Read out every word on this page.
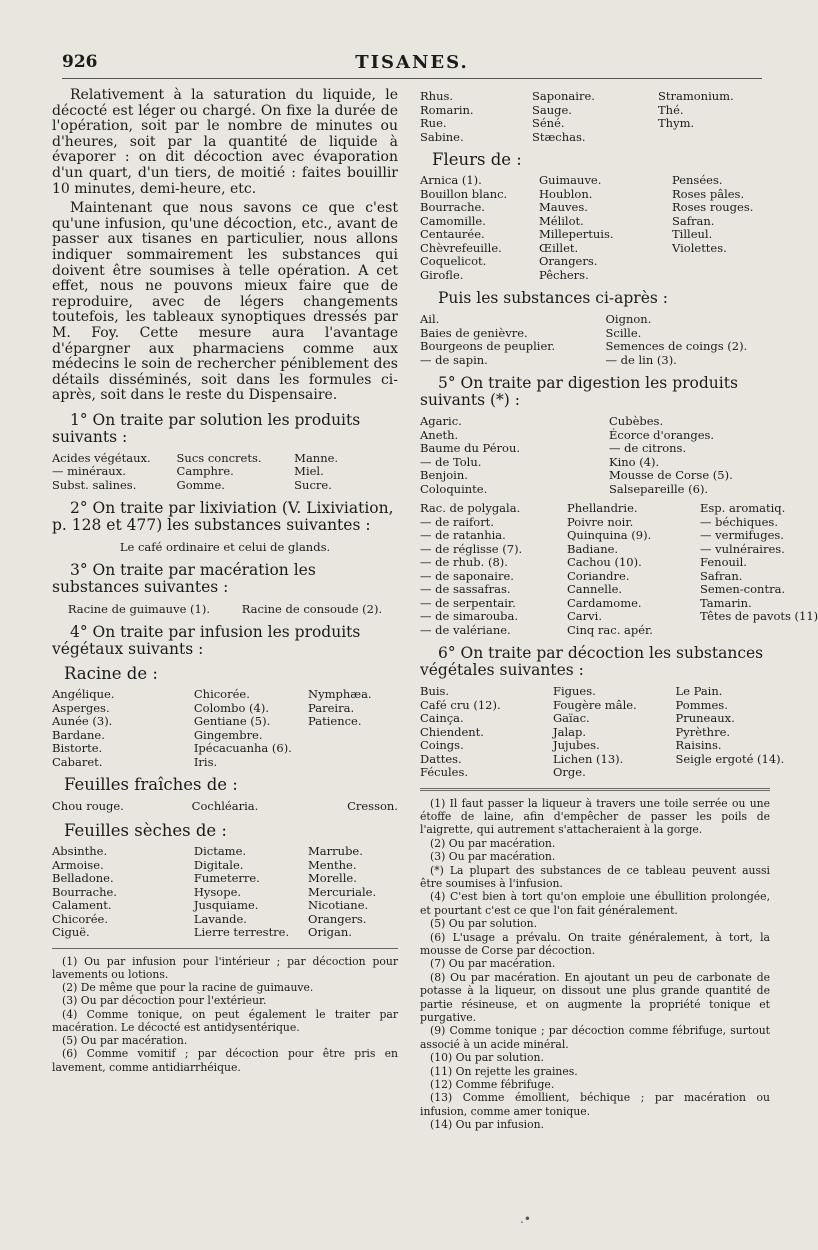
926	TISANES.

Relativement à la saturation du liquide, le décocté est léger ou chargé. On fixe la durée de l'opération, soit par le nombre de minutes ou d'heures, soit par la quantité de liquide à évaporer : on dit décoction avec évaporation d'un quart, d'un tiers, de moitié : faites bouillir 10 minutes, demi-heure, etc.

Maintenant que nous savons ce que c'est qu'une infusion, qu'une décoction, etc., avant de passer aux tisanes en particulier, nous allons indiquer sommairement les substances qui doivent être soumises à telle opération. A cet effet, nous ne pouvons mieux faire que de reproduire, avec de légers changements toutefois, les tableaux synoptiques dressés par M. Foy. Cette mesure aura l'avantage d'épargner aux pharmaciens comme aux médecins le soin de rechercher péniblement des détails disséminés, soit dans les formules ci-après, soit dans le reste du Dispensaire.

1° On traite par solution les produits suivants :
Acides végétaux.	Sucs concrets.	Manne.
— minéraux.	Camphre.	Miel.
Subst. salines.	Gomme.	Sucre.
2° On traite par lixiviation (V. Lixiviation, p. 128 et 477) les substances suivantes :
Le café ordinaire et celui de glands.
3° On traite par macération les substances suivantes :
Racine de guimauve (1).	Racine de consoude (2).
4° On traite par infusion les produits végétaux suivants :
Racine de :
Angélique.	Chicorée.	Nymphæa.
Asperges.	Colombo (4).	Pareira.
Aunée (3).	Gentiane (5).	Patience.
Bardane.	Gingembre.
Bistorte.	Ipécacuanha (6).
Cabaret.	Iris.
Feuilles fraîches de :
Chou rouge.	Cochléaria.	Cresson.
Feuilles sèches de :
Absinthe.	Dictame.	Marrube.
Armoise.	Digitale.	Menthe.
Belladone.	Fumeterre.	Morelle.
Bourrache.	Hysope.	Mercuriale.
Calament.	Jusquiame.	Nicotiane.
Chicorée.	Lavande.	Orangers.
Ciguë.	Lierre terrestre.	Origan.

(1) Ou par infusion pour l'intérieur ; par décoction pour lavements ou lotions.

(2) De même que pour la racine de guimauve.

(3) Ou par décoction pour l'extérieur.

(4) Comme tonique, on peut également le traiter par macération. Le décocté est antidysentérique.

(5) Ou par macération.

(6) Comme vomitif ; par décoction pour être pris en lavement, comme antidiarrhéique.

Rhus.	Saponaire.	Stramonium.
Romarin.	Sauge.	Thé.
Rue.	Séné.	Thym.
Sabine.	Stæchas.
Fleurs de :
Arnica (1).	Guimauve.	Pensées.
Bouillon blanc.	Houblon.	Roses pâles.
Bourrache.	Mauves.	Roses rouges.
Camomille.	Mélilot.	Safran.
Centaurée.	Millepertuis.	Tilleul.
Chèvrefeuille.	Œillet.	Violettes.
Coquelicot.	Orangers.
Girofle.	Pêchers.
Puis les substances ci-après :
Ail.	Oignon.
Baies de genièvre.	Scille.
Bourgeons de peuplier.	Semences de coings (2).
— de sapin.	— de lin (3).
5° On traite par digestion les produits suivants (*) :
Agaric.	Cubèbes.
Aneth.	Écorce d'oranges.
Baume du Pérou.	— de citrons.
— de Tolu.	Kino (4).
Benjoin.	Mousse de Corse (5).
Coloquinte.	Salsepareille (6).
Rac. de polygala.	Phellandrie.	Esp. aromatiq.
— de raifort.	Poivre noir.	— béchiques.
— de ratanhia.	Quinquina (9).	— vermifuges.
— de réglisse (7).	Badiane.	— vulnéraires.
— de rhub. (8).	Cachou (10).	Fenouil.
— de saponaire.	Coriandre.	Safran.
— de sassafras.	Cannelle.	Semen-contra.
— de serpentair.	Cardamome.	Tamarin.
— de simarouba.	Carvi.	Têtes de pavots (11)
— de valériane.	Cinq rac. apér.
6° On traite par décoction les substances végétales suivantes :
Buis.	Figues.	Le Pain.
Café cru (12).	Fougère mâle.	Pommes.
Cainça.	Gaïac.	Pruneaux.
Chiendent.	Jalap.	Pyrèthre.
Coings.	Jujubes.	Raisins.
Dattes.	Lichen (13).	Seigle ergoté (14).
Fécules.	Orge.

(1) Il faut passer la liqueur à travers une toile serrée ou une étoffe de laine, afin d'empêcher de passer les poils de l'aigrette, qui autrement s'attacheraient à la gorge.

(2) Ou par macération.

(3) Ou par macération.

(*) La plupart des substances de ce tableau peuvent aussi être soumises à l'infusion.

(4) C'est bien à tort qu'on emploie une ébullition prolongée, et pourtant c'est ce que l'on fait généralement.

(5) Ou par solution.

(6) L'usage a prévalu. On traite généralement, à tort, la mousse de Corse par décoction.

(7) Ou par macération.

(8) Ou par macération. En ajoutant un peu de carbonate de potasse à la liqueur, on dissout une plus grande quantité de partie résineuse, et on augmente la propriété tonique et purgative.

(9) Comme tonique ; par décoction comme fébrifuge, surtout associé à un acide minéral.

(10) Ou par solution.

(11) On rejette les graines.

(12) Comme fébrifuge.

(13) Comme émollient, béchique ; par macération ou infusion, comme amer tonique.

(14) Ou par infusion.

.•
